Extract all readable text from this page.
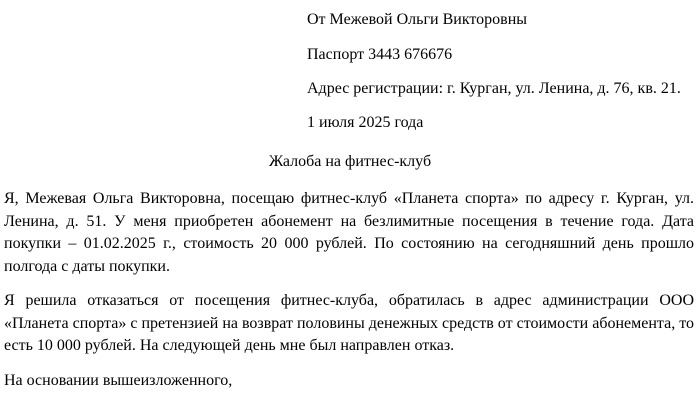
От Межевой Ольги Викторовны

Паспорт 3443 676676

Адрес регистрации: г. Курган, ул. Ленина, д. 76, кв. 21.

1 июля 2025 года

Жалоба на фитнес-клуб

Я, Межевая Ольга Викторовна, посещаю фитнес-клуб «Планета спорта» по адресу г. Курган, ул. Ленина, д. 51. У меня приобретен абонемент на безлимитные посещения в течение года. Дата покупки – 01.02.2025 г., стоимость 20 000 рублей. По состоянию на сегодняшний день прошло полгода с даты покупки.

Я решила отказаться от посещения фитнес-клуба, обратилась в адрес администрации ООО «Планета спорта» с претензией на возврат половины денежных средств от стоимости абонемента, то есть 10 000 рублей. На следующей день мне был направлен отказ.

На основании вышеизложенного,
